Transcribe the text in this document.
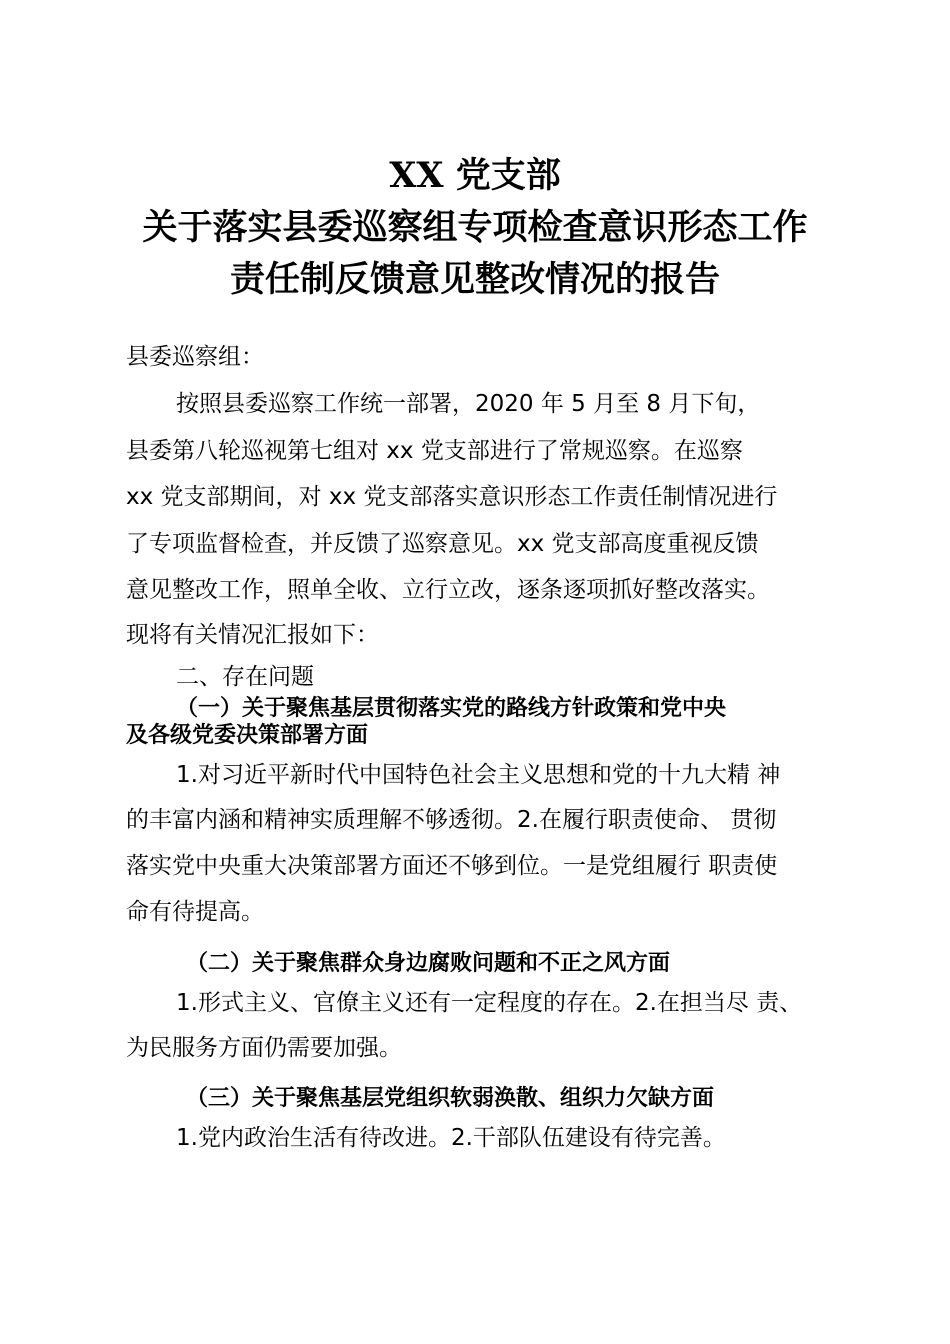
XX 党支部
关于落实县委巡察组专项检查意识形态工作
责任制反馈意见整改情况的报告
县委巡察组：
按照县委巡察工作统一部署，2020 年 5 月至 8 月下旬，
县委第八轮巡视第七组对 xx 党支部进行了常规巡察。在巡察
xx 党支部期间，对 xx 党支部落实意识形态工作责任制情况进行
了专项监督检查，并反馈了巡察意见。xx 党支部高度重视反馈
意见整改工作，照单全收、立行立改，逐条逐项抓好整改落实。
现将有关情况汇报如下：
二、存在问题
（一）关于聚焦基层贯彻落实党的路线方针政策和党中央
及各级党委决策部署方面
1.对习近平新时代中国特色社会主义思想和党的十九大精 神
的丰富内涵和精神实质理解不够透彻。2.在履行职责使命、 贯彻
落实党中央重大决策部署方面还不够到位。一是党组履行 职责使
命有待提高。
（二）关于聚焦群众身边腐败问题和不正之风方面
1.形式主义、官僚主义还有一定程度的存在。2.在担当尽 责、
为民服务方面仍需要加强。
（三）关于聚焦基层党组织软弱涣散、组织力欠缺方面
1.党内政治生活有待改进。2.干部队伍建设有待完善。
